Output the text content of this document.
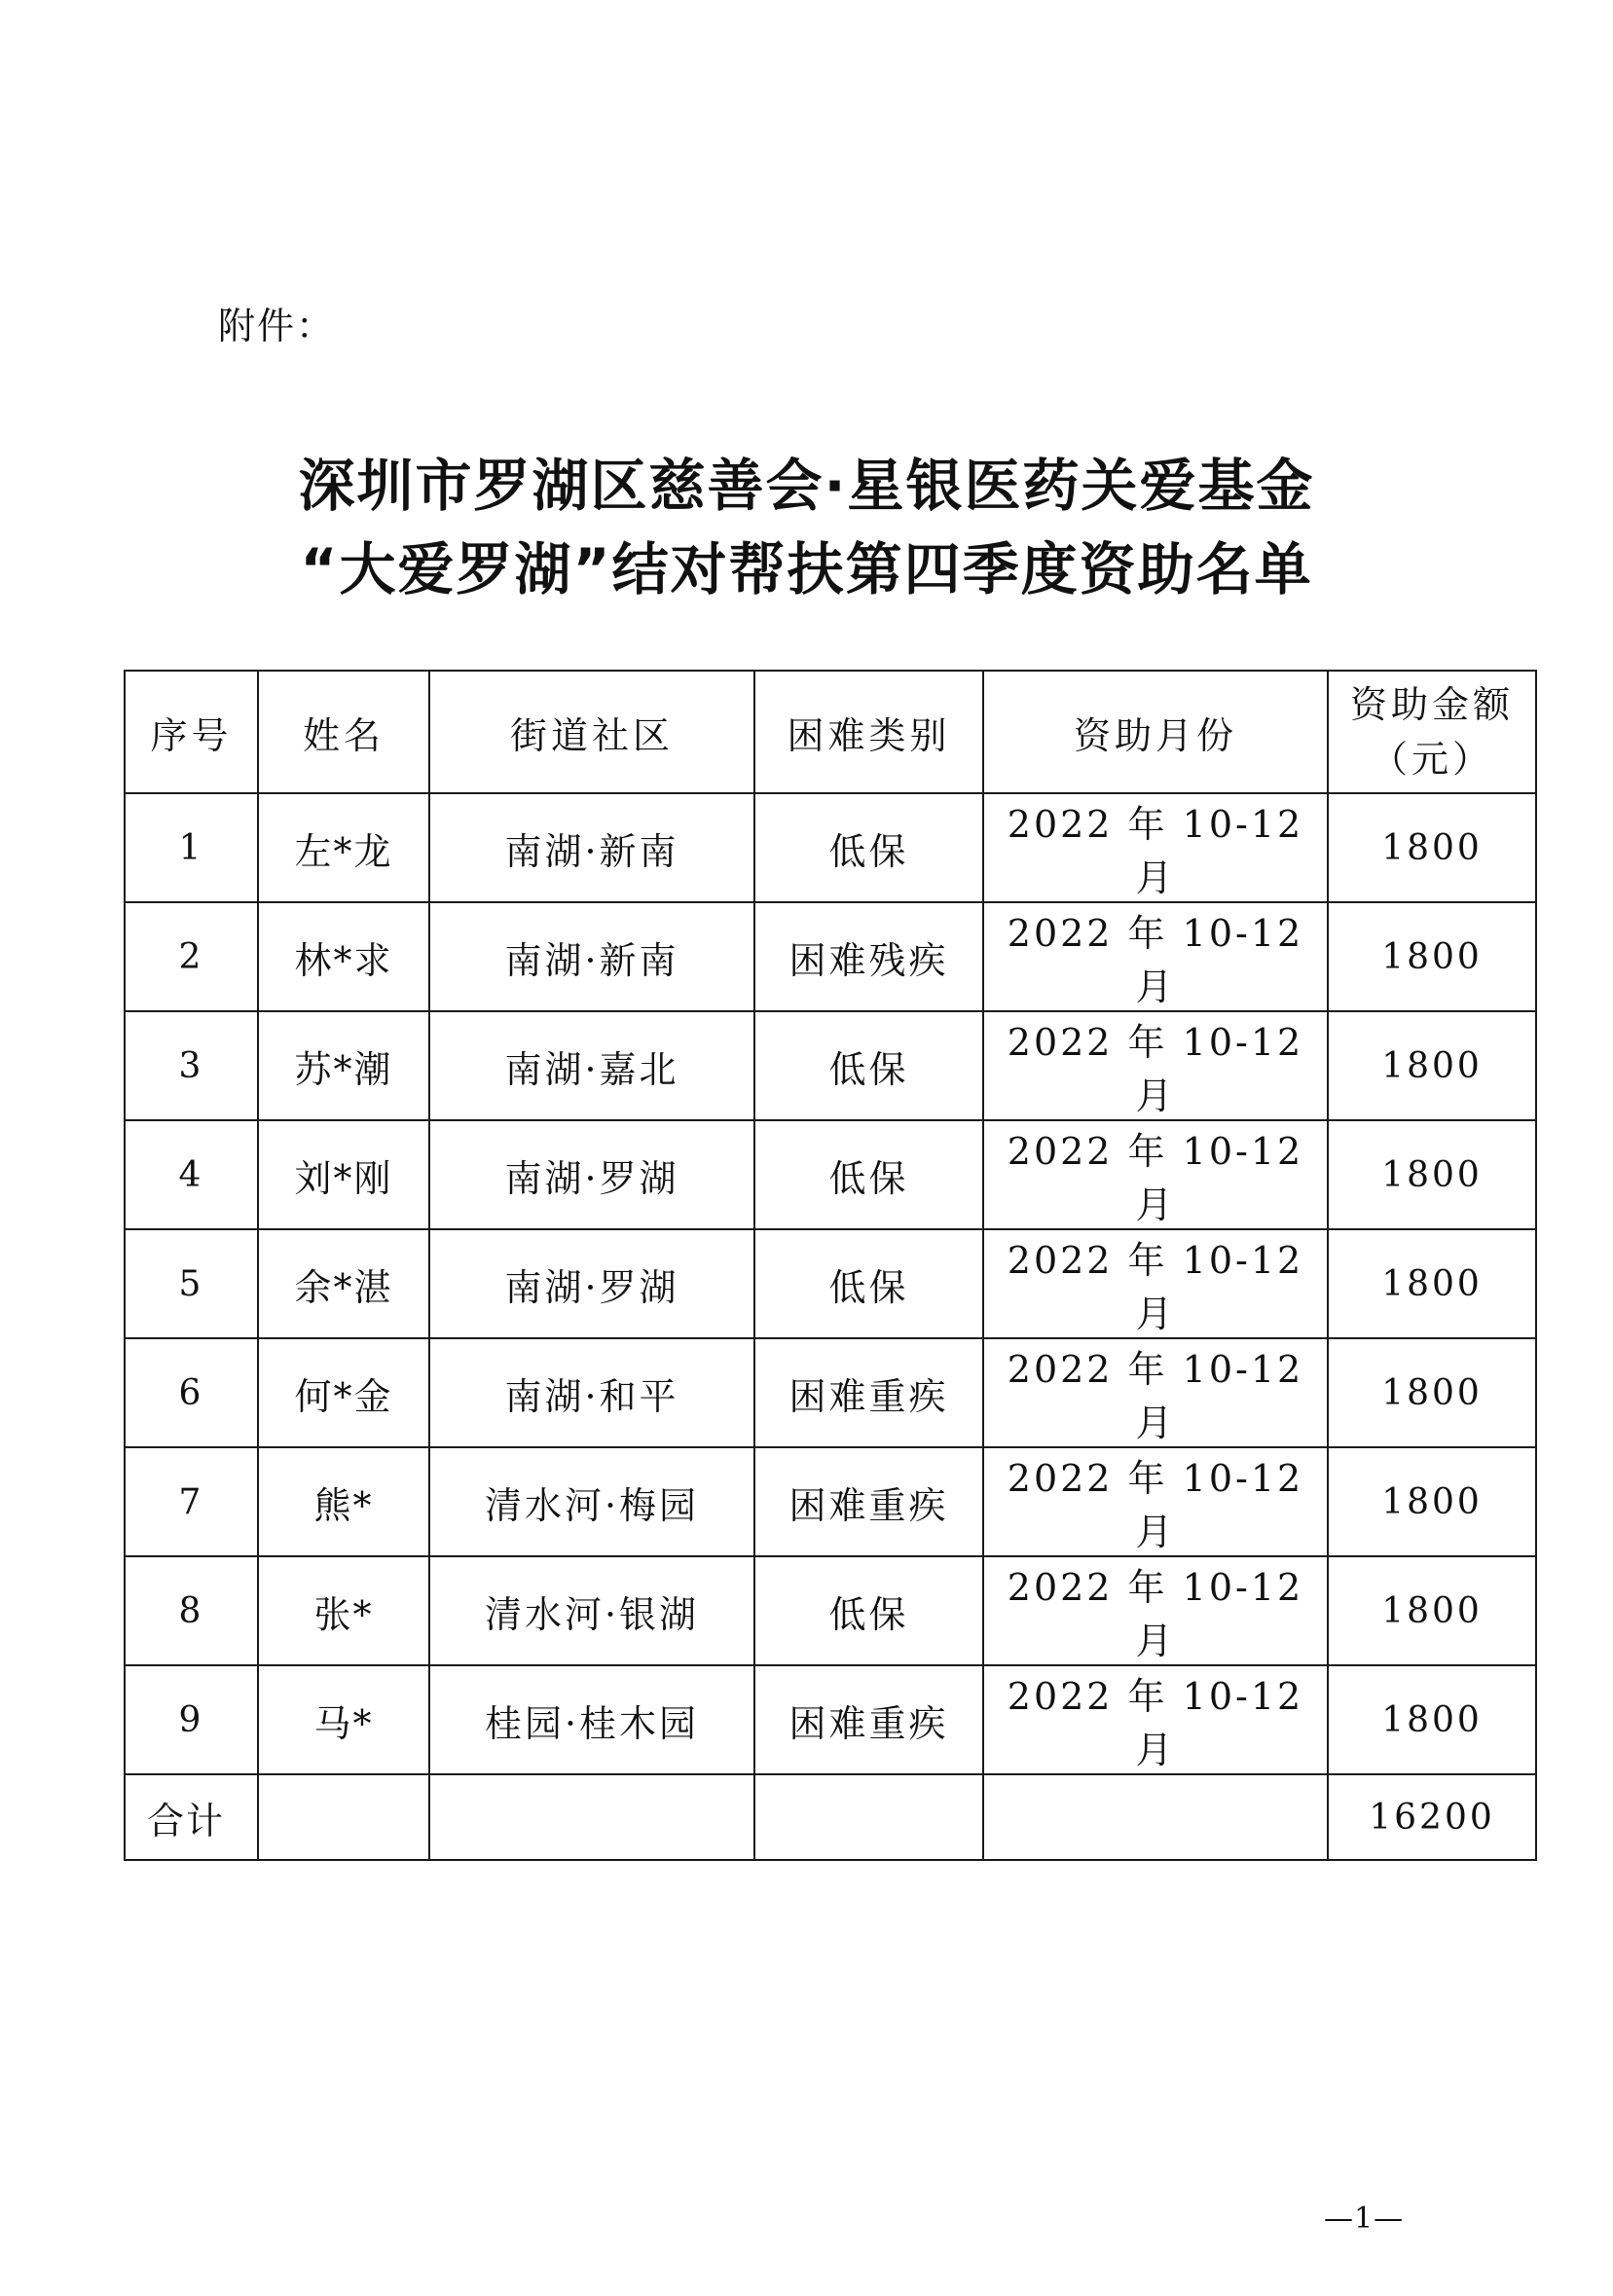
附件：
深圳市罗湖区慈善会·星银医药关爱基金
“大爱罗湖”结对帮扶第四季度资助名单
序号	姓名	街道社区	困难类别	资助月份	资助金额
（元）
1	左*龙	南湖·新南	低保	2022 年 10-12 月	1800
2	林*求	南湖·新南	困难残疾	2022 年 10-12 月	1800
3	苏*潮	南湖·嘉北	低保	2022 年 10-12 月	1800
4	刘*刚	南湖·罗湖	低保	2022 年 10-12 月	1800
5	余*湛	南湖·罗湖	低保	2022 年 10-12 月	1800
6	何*金	南湖·和平	困难重疾	2022 年 10-12 月	1800
7	熊*	清水河·梅园	困难重疾	2022 年 10-12 月	1800
8	张*	清水河·银湖	低保	2022 年 10-12 月	1800
9	马*	桂园·桂木园	困难重疾	2022 年 10-12 月	1800
合计					16200
—1—
